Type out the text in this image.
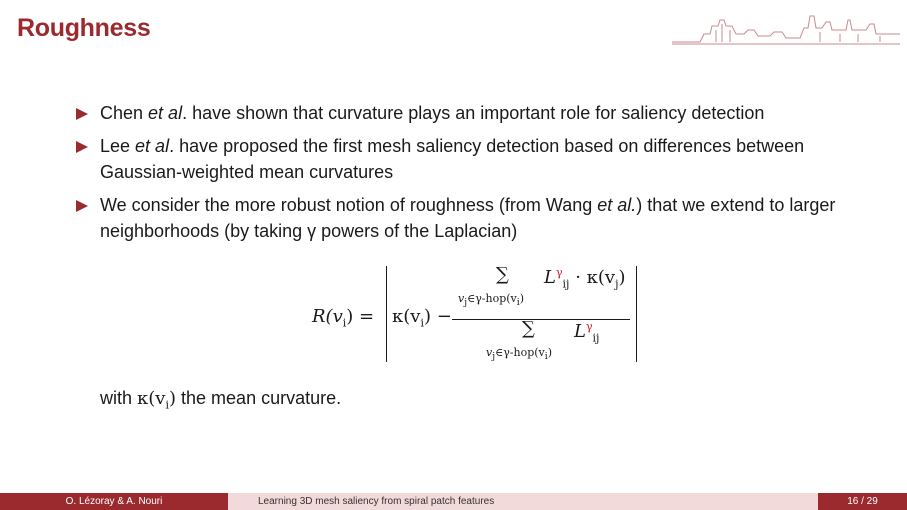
Roughness
Chen et al. have shown that curvature plays an important role for saliency detection
Lee et al. have proposed the first mesh saliency detection based on differences between Gaussian-weighted mean curvatures
We consider the more robust notion of roughness (from Wang et al.) that we extend to larger neighborhoods (by taking γ powers of the Laplacian)
$R(v_i) = \kappa(v_i)$ −
∑
$v_j\in\gamma-hop(v_i)$
$L^\gamma_{ij} \cdot \kappa(v_j)$
∑
$v_j\in\gamma-hop(v_i)$
$L^\gamma_{ij}$
with $\kappa(v_i)$ the mean curvature.
O. Lézoray & A. Nouri	Learning 3D mesh saliency from spiral patch features	16 / 29
